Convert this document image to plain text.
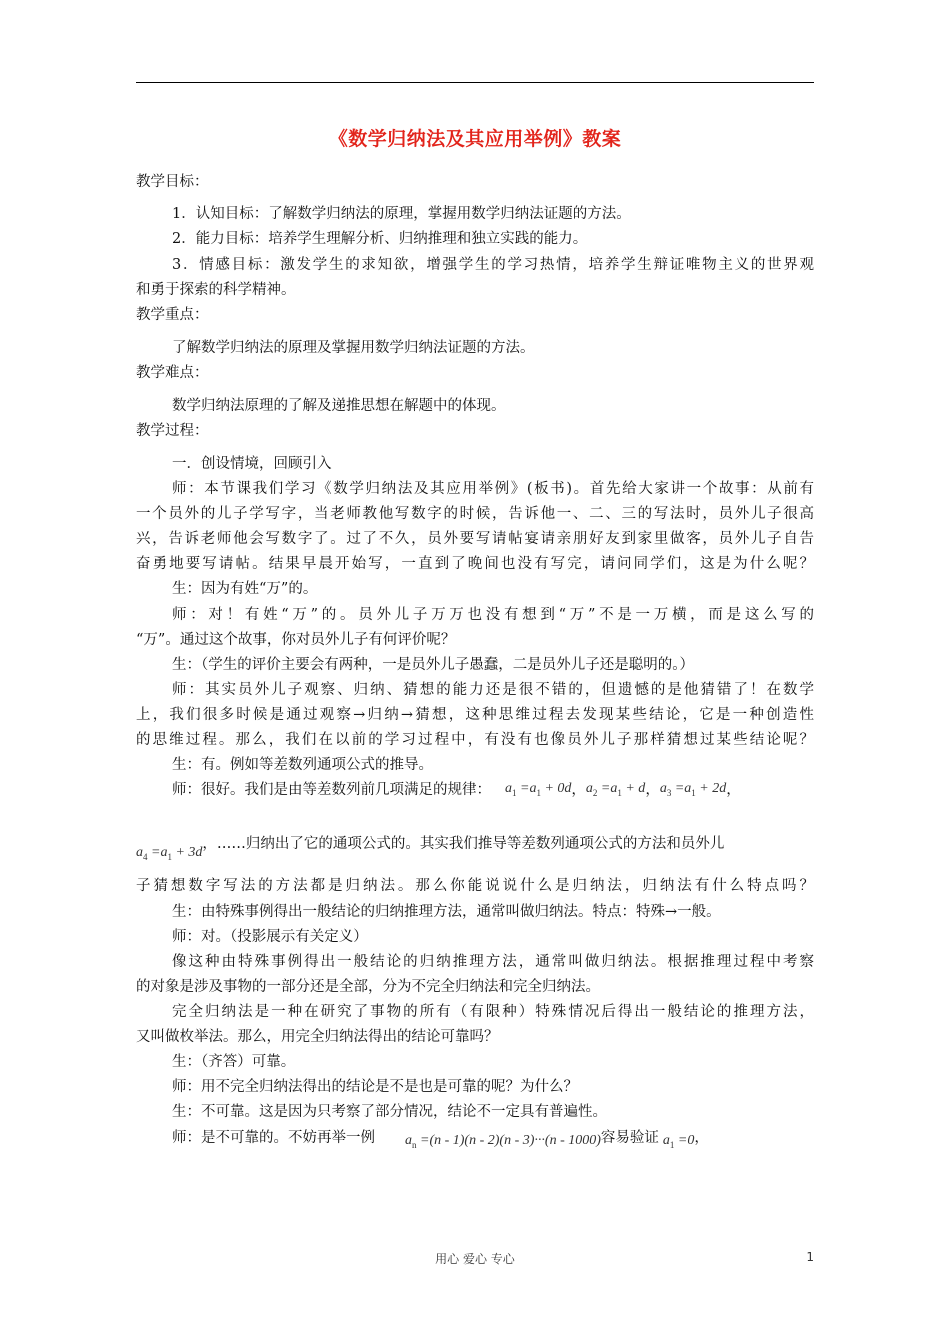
《数学归纳法及其应用举例》教案
教学目标：
1．认知目标：了解数学归纳法的原理，掌握用数学归纳法证题的方法。
2．能力目标：培养学生理解分析、归纳推理和独立实践的能力。
3．情感目标：激发学生的求知欲，增强学生的学习热情，培养学生辩证唯物主义的世界观
和勇于探索的科学精神。
教学重点：
了解数学归纳法的原理及掌握用数学归纳法证题的方法。
教学难点：
数学归纳法原理的了解及递推思想在解题中的体现。
教学过程：
一．创设情境，回顾引入
师：本节课我们学习《数学归纳法及其应用举例》(板书)。首先给大家讲一个故事：从前有
一个员外的儿子学写字，当老师教他写数字的时候，告诉他一、二、三的写法时，员外儿子很高
兴，告诉老师他会写数字了。过了不久，员外要写请帖宴请亲朋好友到家里做客，员外儿子自告
奋勇地要写请帖。结果早晨开始写，一直到了晚间也没有写完，请问同学们，这是为什么呢？
生：因为有姓“万”的。
师：对！有姓“万”的。员外儿子万万也没有想到“万”不是一万横，而是这么写的
“万”。通过这个故事，你对员外儿子有何评价呢？
生：（学生的评价主要会有两种，一是员外儿子愚蠢，二是员外儿子还是聪明的。）
师：其实员外儿子观察、归纳、猜想的能力还是很不错的，但遗憾的是他猜错了！在数学
上，我们很多时候是通过观察→归纳→猜想，这种思维过程去发现某些结论，它是一种创造性
的思维过程。那么，我们在以前的学习过程中，有没有也像员外儿子那样猜想过某些结论呢？
生：有。例如等差数列通项公式的推导。
师：很好。我们是由等差数列前几项满足的规律： $a_1 =a_1 + 0d$，$a_2 =a_1 + d$，$a_3 =a_1 + 2d$，
$a_4 =a_1 + 3d$，……归纳出了它的通项公式的。其实我们推导等差数列通项公式的方法和员外儿
子猜想数字写法的方法都是归纳法。那么你能说说什么是归纳法，归纳法有什么特点吗？
生：由特殊事例得出一般结论的归纳推理方法，通常叫做归纳法。特点：特殊→一般。
师：对。（投影展示有关定义）
像这种由特殊事例得出一般结论的归纳推理方法，通常叫做归纳法。根据推理过程中考察
的对象是涉及事物的一部分还是全部，分为不完全归纳法和完全归纳法。
完全归纳法是一种在研究了事物的所有（有限种）特殊情况后得出一般结论的推理方法，
又叫做枚举法。那么，用完全归纳法得出的结论可靠吗？
生：（齐答）可靠。
师：用不完全归纳法得出的结论是不是也是可靠的呢？为什么？
生：不可靠。这是因为只考察了部分情况，结论不一定具有普遍性。
师：是不可靠的。不妨再举一例 $a_n =(n - 1)(n - 2)(n - 3)\cdot\cdot\cdot(n - 1000)$容易验证 $a_1 =0$，
用心 爱心 专心	1
